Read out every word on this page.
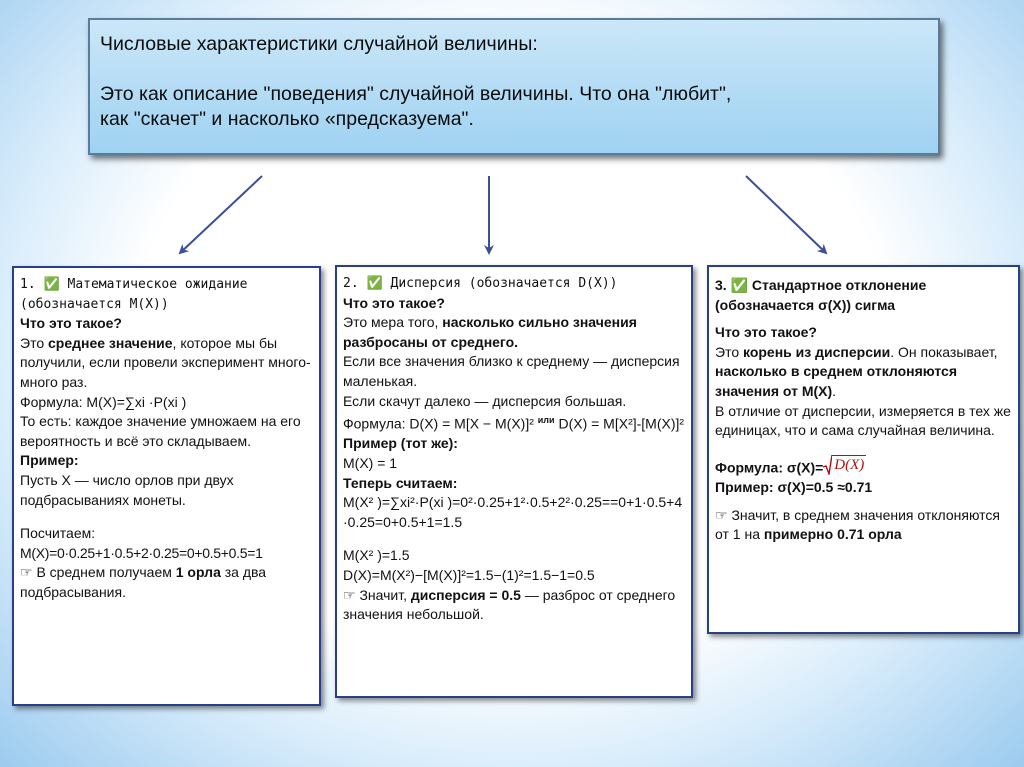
Числовые характеристики случайной величины:

Это как описание "поведения" случайной величины. Что она "любит",

как "скачет" и насколько «предсказуема".

1. ✅ Математическое ожидание

(обозначается M(X))

Что это такое?

Это среднее значение, которое мы бы получили, если провели эксперимент много-много раз.

Формула: M(X)=∑xi ·P(xi )

То есть: каждое значение умножаем на его вероятность и всё это складываем.

Пример:

Пусть X — число орлов при двух подбрасываниях монеты.

Посчитаем:

M(X)=0·0.25+1·0.5+2·0.25=0+0.5+0.5=1

☞ В среднем получаем 1 орла за два подбрасывания.

2. ✅ Дисперсия (обозначается D(X))

Что это такое?

Это мера того, насколько сильно значения разбросаны от среднего.

Если все значения близко к среднему — дисперсия маленькая.

Если скачут далеко — дисперсия большая.

Формула: D(X) = M[X − M(X)]² $^{или}$ D(X) = M[X²]-[M(X)]²

Пример (тот же):

M(X) = 1

Теперь считаем:

M(X² )=∑xi²·P(xi )=0²·0.25+1²·0.5+2²·0.25==0+1·0.5+4·0.25=0+0.5+1=1.5

M(X² )=1.5

D(X)=M(X²)−[M(X)]²=1.5−(1)²=1.5−1=0.5

☞ Значит, дисперсия = 0.5 — разброс от среднего значения небольшой.

3. ✅ Стандартное отклонение (обозначается σ(X)) сигма

Что это такое?

Это корень из дисперсии. Он показывает, насколько в среднем отклоняются значения от M(X).

В отличие от дисперсии, измеряется в тех же единицах, что и сама случайная величина.

Формула: σ(X)= D(X)

Пример: σ(X)=0.5 ≈0.71

☞ Значит, в среднем значения отклоняются от 1 на примерно 0.71 орла
